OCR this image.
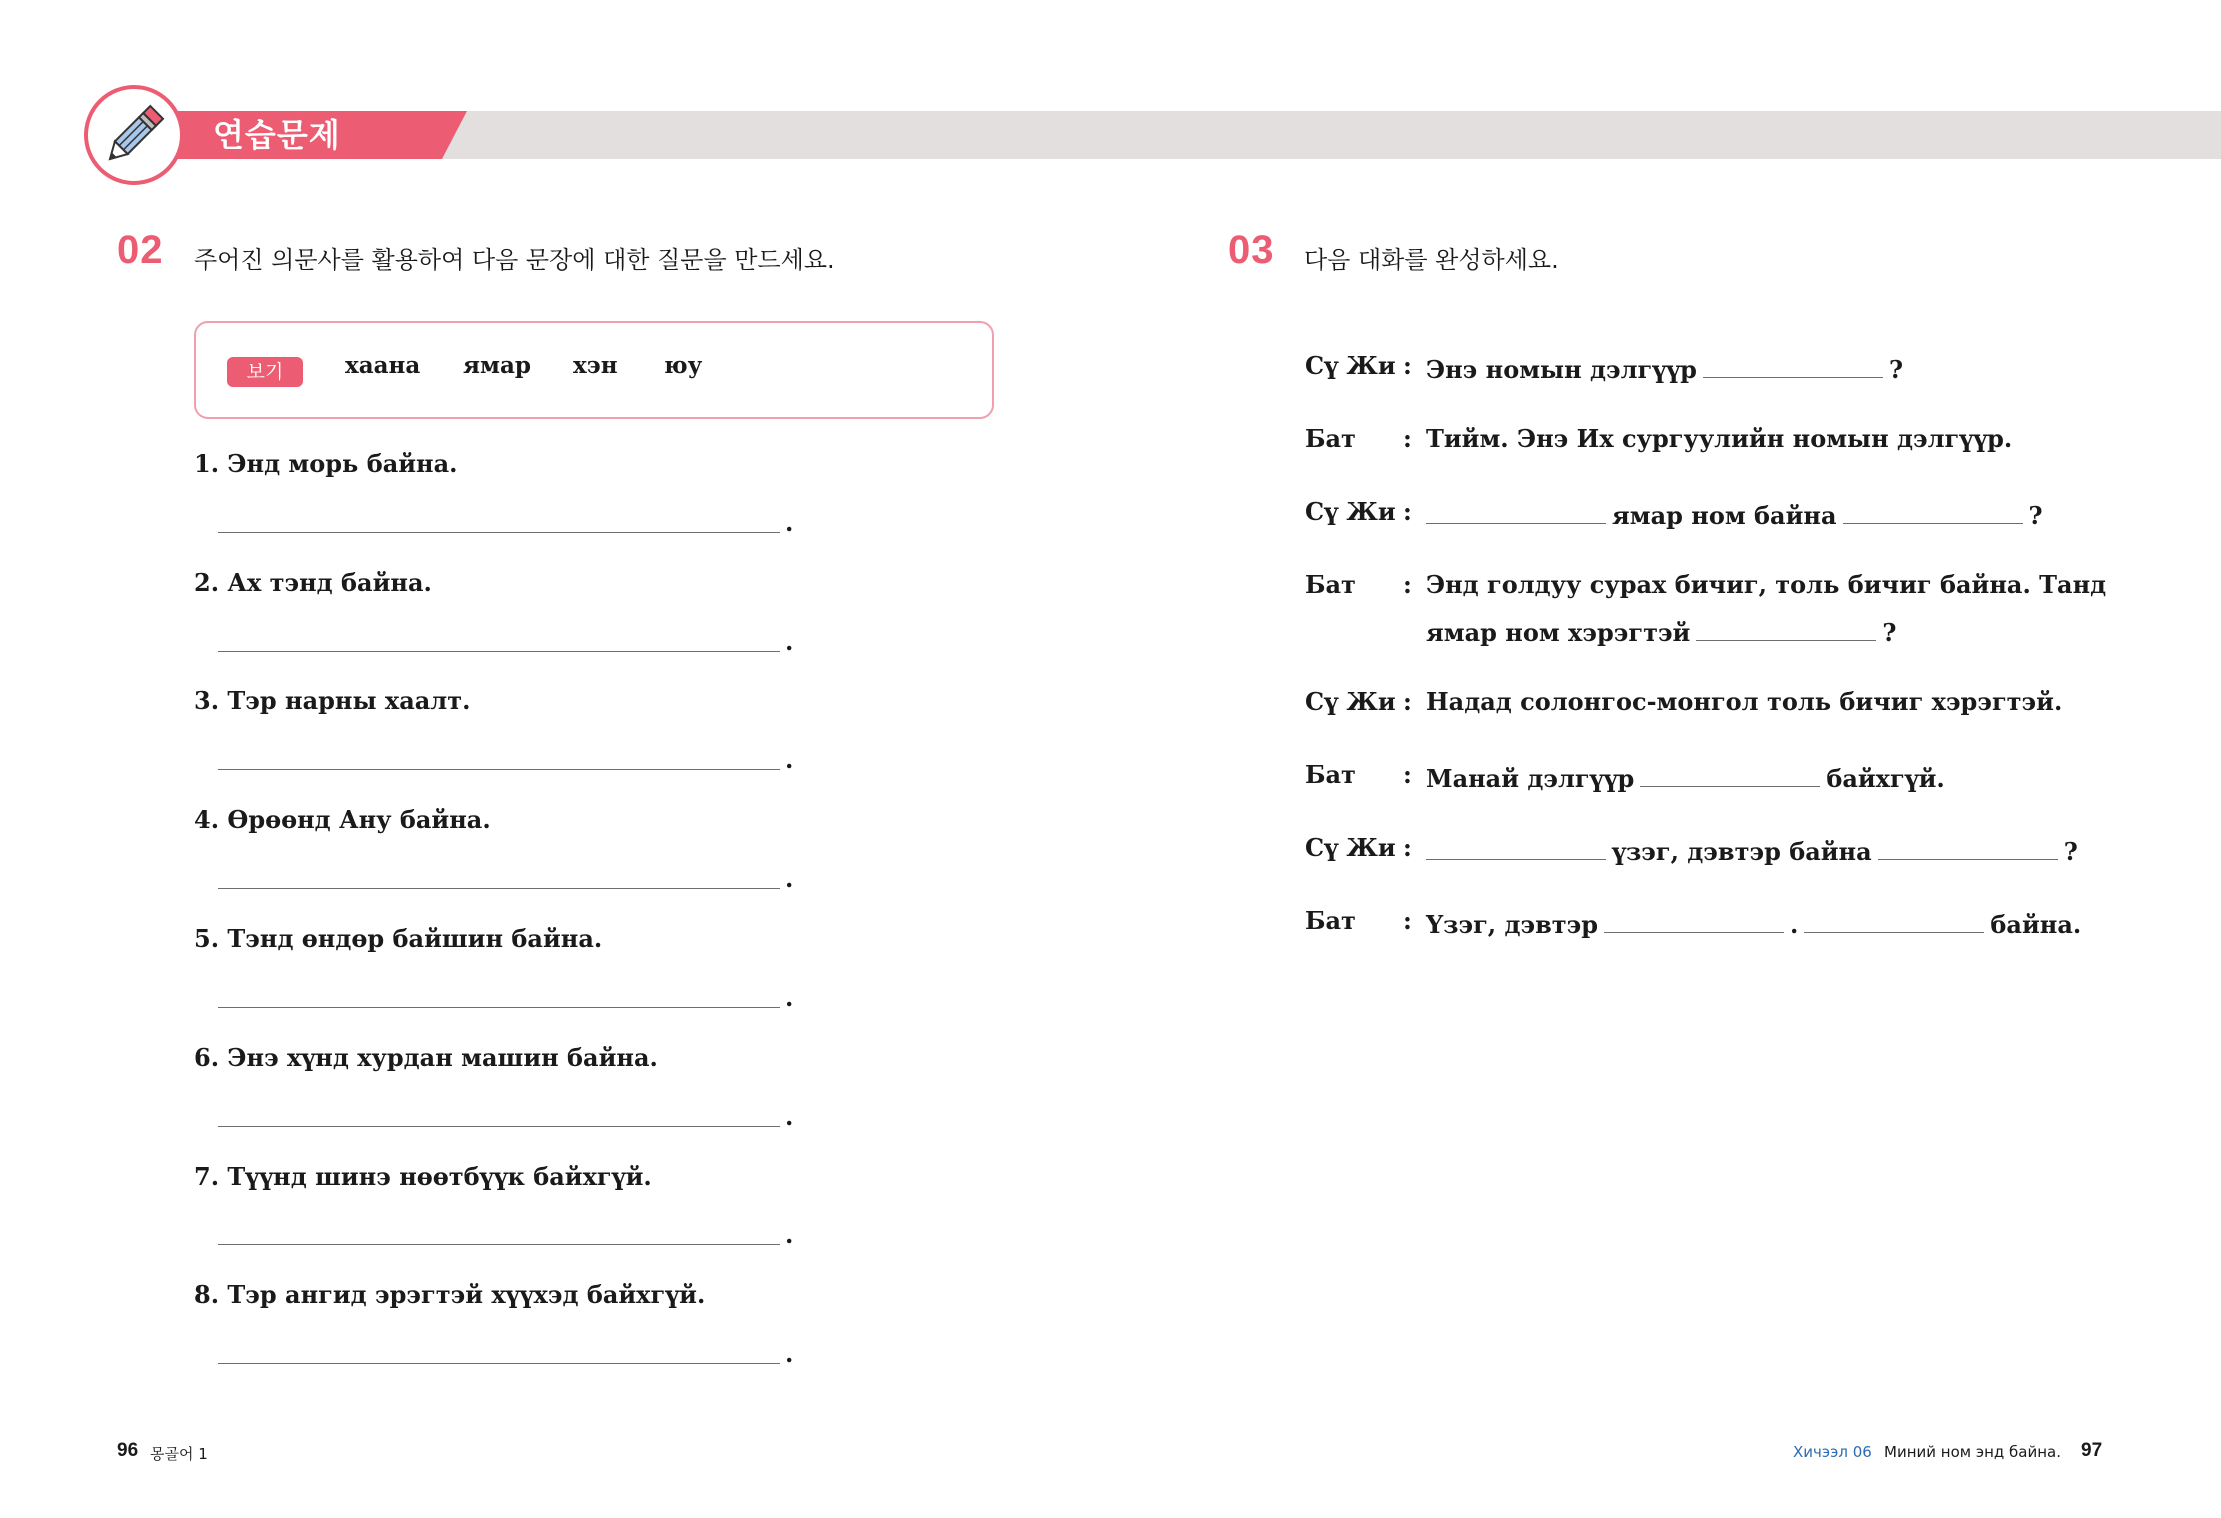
연습문제
02 주어진 의문사를 활용하여 다음 문장에 대한 질문을 만드세요.
보기	хаана ямар хэн юу
1. Энд морь байна.
.
2. Ах тэнд байна.
.
3. Тэр нарны хаалт.
.
4. Өрөөнд Ану байна.
.
5. Тэнд өндөр байшин байна.
.
6. Энэ хүнд хурдан машин байна.
.
7. Түүнд шинэ нөөтбүүк байхгүй.
.
8. Тэр ангид эрэгтэй хүүхэд байхгүй.
.
03 다음 대화를 완성하세요.
Сү Жи : Энэ номын дэлгүүр	?
Бат : Тийм. Энэ Их сургуулийн номын дэлгүүр.
Сү Жи :	ямар ном байна	?
Бат : Энд голдуу сурах бичиг, толь бичиг байна. Танд
ямар ном хэрэгтэй	?
Сү Жи : Надад солонгос-монгол толь бичиг хэрэгтэй.
Бат : Манай дэлгүүр	байхгүй.
Сү Жи :	үзэг, дэвтэр байна	?
Бат : Үзэг, дэвтэр	.	байна.
96 몽골어 1	Хичээл 06 Миний ном энд байна. 97
